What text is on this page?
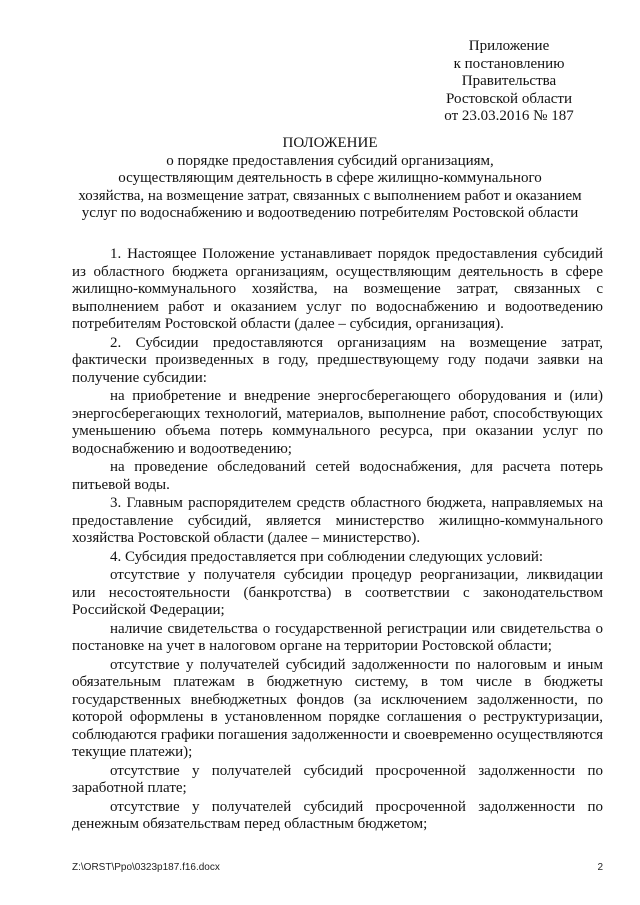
Приложение
к постановлению
Правительства
Ростовской области
от 23.03.2016 № 187
ПОЛОЖЕНИЕ
о порядке предоставления субсидий организациям,
осуществляющим деятельность в сфере жилищно-коммунального
хозяйства, на возмещение затрат, связанных с выполнением работ и оказанием
услуг по водоснабжению и водоотведению потребителям Ростовской области

1. Настоящее Положение устанавливает порядок предоставления субсидий из областного бюджета организациям, осуществляющим деятельность в сфере жилищно-коммунального хозяйства, на возмещение затрат, связанных с выполнением работ и оказанием услуг по водоснабжению и водоотведению потребителям Ростовской области (далее – субсидия, организация).

2. Субсидии предоставляются организациям на возмещение затрат, фактически произведенных в году, предшествующему году подачи заявки на получение субсидии:

на приобретение и внедрение энергосберегающего оборудования и (или) энергосберегающих технологий, материалов, выполнение работ, способствующих уменьшению объема потерь коммунального ресурса, при оказании услуг по водоснабжению и водоотведению;

на проведение обследований сетей водоснабжения, для расчета потерь питьевой воды.

3. Главным распорядителем средств областного бюджета, направляемых на предоставление субсидий, является министерство жилищно-коммунального хозяйства Ростовской области (далее – министерство).

4. Субсидия предоставляется при соблюдении следующих условий:

отсутствие у получателя субсидии процедур реорганизации, ликвидации или несостоятельности (банкротства) в соответствии с законодательством Российской Федерации;

наличие свидетельства о государственной регистрации или свидетельства о постановке на учет в налоговом органе на территории Ростовской области;

отсутствие у получателей субсидий задолженности по налоговым и иным обязательным платежам в бюджетную систему, в том числе в бюджеты государственных внебюджетных фондов (за исключением задолженности, по которой оформлены в установленном порядке соглашения о реструктуризации, соблюдаются графики погашения задолженности и своевременно осуществляются текущие платежи);

отсутствие у получателей субсидий просроченной задолженности по заработной плате;

отсутствие у получателей субсидий просроченной задолженности по денежным обязательствам перед областным бюджетом;

Z:\ORST\Ppo\0323p187.f16.docx	2
